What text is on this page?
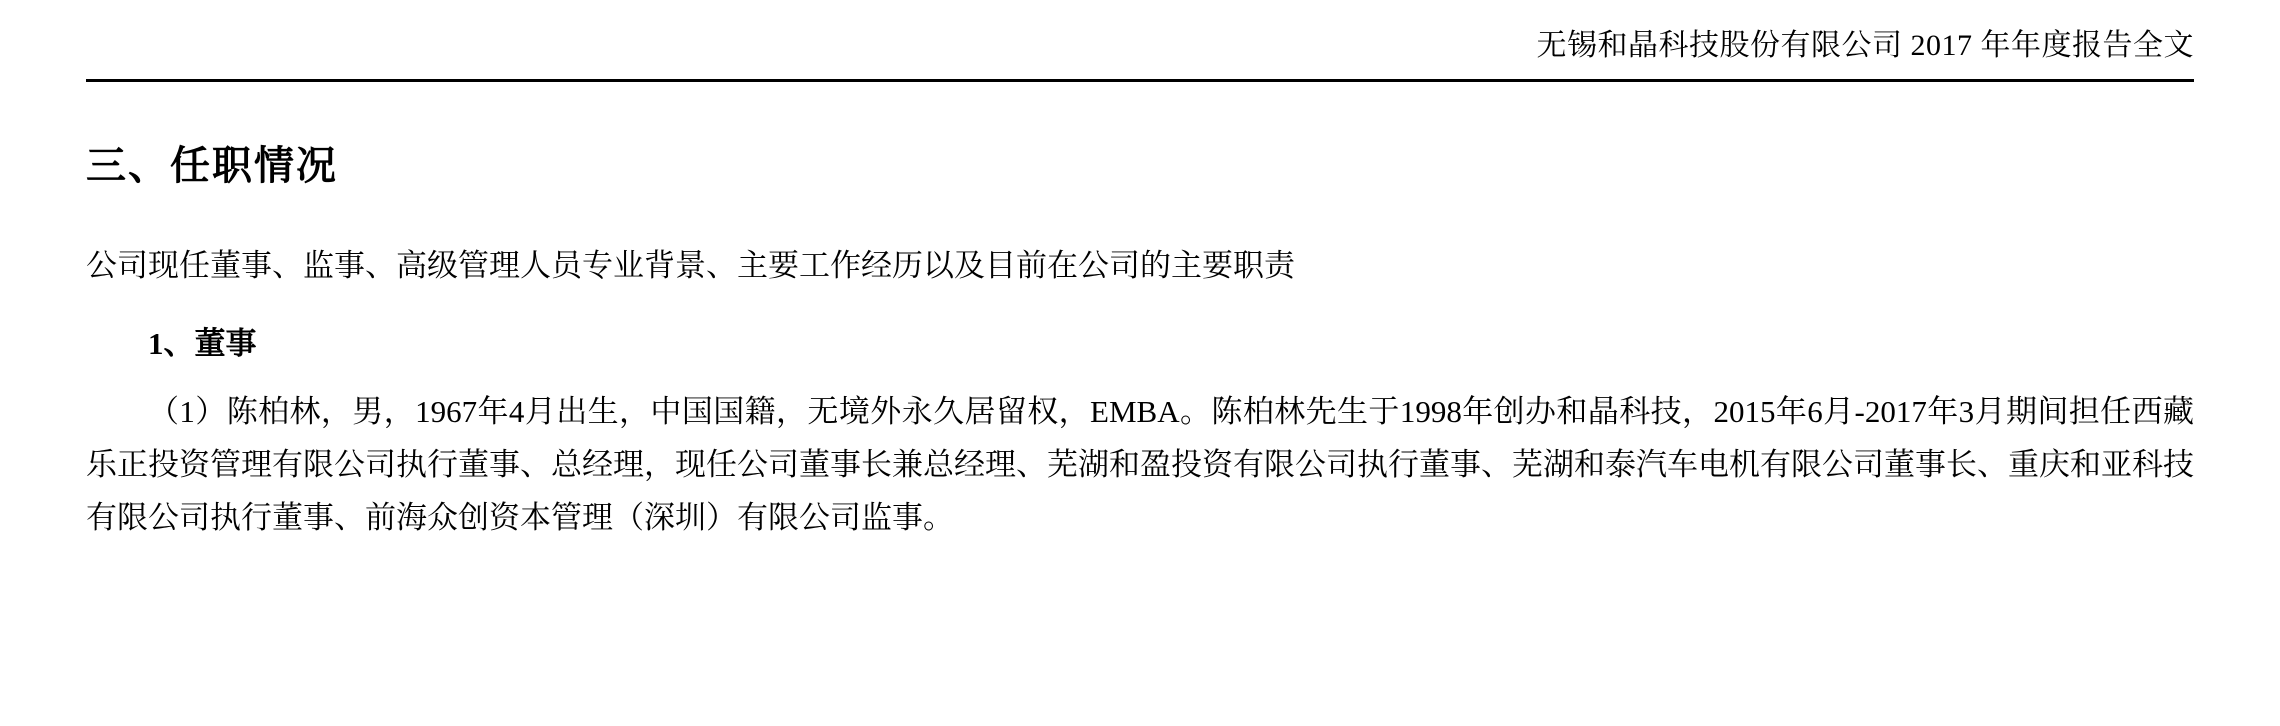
无锡和晶科技股份有限公司 2017 年年度报告全文
三、任职情况
公司现任董事、监事、高级管理人员专业背景、主要工作经历以及目前在公司的主要职责
1、董事
（1）陈柏林，男，1967年4月出生，中国国籍，无境外永久居留权，EMBA。陈柏林先生于1998年创办和晶科技，2015年6月-2017年3月期间担任西藏乐正投资管理有限公司执行董事、总经理，现任公司董事长兼总经理、芜湖和盈投资有限公司执行董事、芜湖和泰汽车电机有限公司董事长、重庆和亚科技有限公司执行董事、前海众创资本管理（深圳）有限公司监事。
